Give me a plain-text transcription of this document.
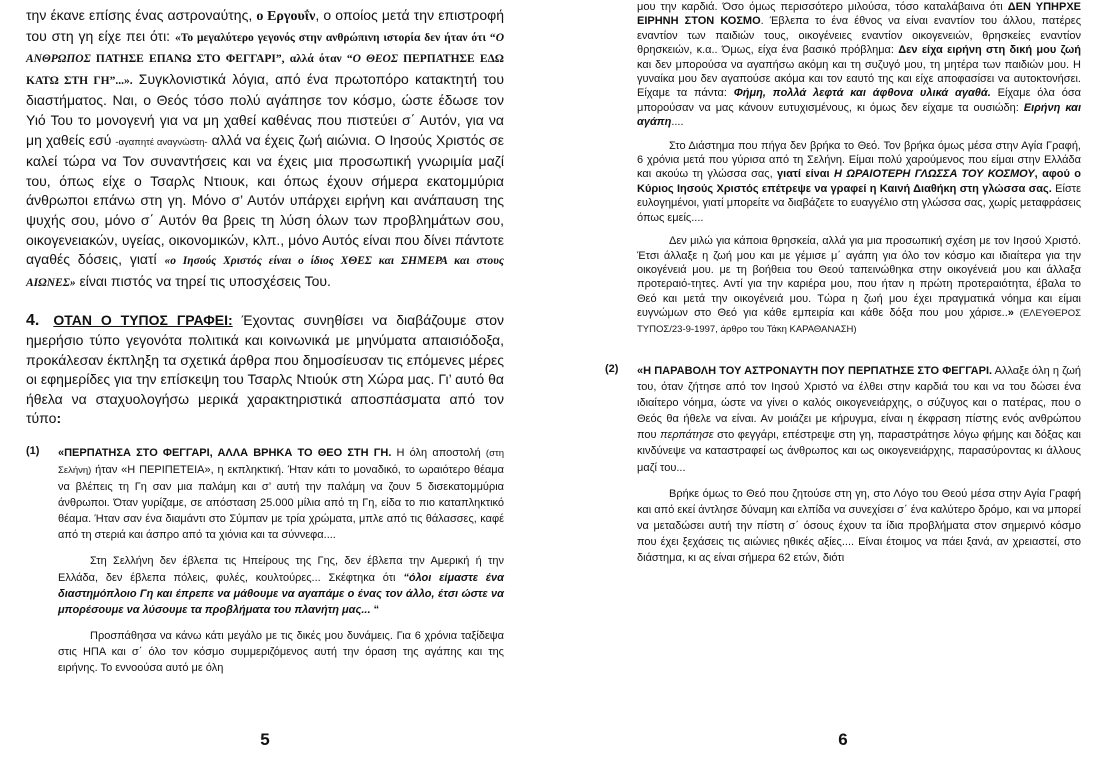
την έκανε επίσης ένας αστροναύτης, ο Εργουΐν, ο οποίος μετά την επιστροφή του στη γη είχε πει ότι: «Το μεγαλύτερο γεγονός στην ανθρώπινη ιστορία δεν ήταν ότι “Ο ΑΝΘΡΩΠΟΣ ΠΑΤΗΣΕ ΕΠΑΝΩ ΣΤΟ ΦΕΓΓΑΡΙ”, αλλά όταν “Ο ΘΕΟΣ ΠΕΡΠΑΤΗΣΕ ΕΔΩ ΚΑΤΩ ΣΤΗ ΓΗ”...». Συγκλονιστικά λόγια, από ένα πρωτοπόρο κατακτητή του διαστήματος. Ναι, ο Θεός τόσο πολύ αγάπησε τον κόσμο, ώστε έδωσε τον Υιό Του το μονογενή για να μη χαθεί καθένας που πιστεύει σ΄ Αυτόν, για να μη χαθείς εσύ -αγαπητέ αναγνώστη- αλλά να έχεις ζωή αιώνια. Ο Ιησούς Χριστός σε καλεί τώρα να Τον συναντήσεις και να έχεις μια προσωπική γνωριμία μαζί του, όπως είχε ο Τσαρλς Ντιουκ, και όπως έχουν σήμερα εκατομμύρια άνθρωποι επάνω στη γη. Μόνο σ’ Αυτόν υπάρχει ειρήνη και ανάπαυση της ψυχής σου, μόνο σ΄ Αυτόν θα βρεις τη λύση όλων των προβλημάτων σου, οικογενειακών, υγείας, οικονομικών, κλπ., μόνο Αυτός είναι που δίνει πάντοτε αγαθές δόσεις, γιατί «ο Ιησούς Χριστός είναι ο ίδιος ΧΘΕΣ και ΣΗΜΕΡΑ και στους ΑΙΩΝΕΣ» είναι πιστός να τηρεί τις υποσχέσεις Του.

4. ΟΤΑΝ Ο ΤΥΠΟΣ ΓΡΑΦΕΙ: Έχοντας συνηθίσει να διαβάζουμε στον ημερήσιο τύπο γεγονότα πολιτικά και κοινωνικά με μηνύματα απαισιόδοξα, προκάλεσαν έκπληξη τα σχετικά άρθρα που δημοσίευσαν τις επόμενες μέρες οι εφημερίδες για την επίσκεψη του Τσαρλς Ντιούκ στη Χώρα μας. Γι’ αυτό θα ήθελα να σταχυολογήσω μερικά χαρακτηριστικά αποσπάσματα από τον τύπο:

(1) «ΠΕΡΠΑΤΗΣΑ ΣΤΟ ΦΕΓΓΑΡΙ, ΑΛΛΑ ΒΡΗΚΑ ΤΟ ΘΕΟ ΣΤΗ ΓΗ. Η όλη αποστολή (στη Σελήνη) ήταν «Η ΠΕΡΙΠΕΤΕΙΑ», η εκπληκτική. Ήταν κάτι το μοναδικό, το ωραιότερο θέαμα να βλέπεις τη Γη σαν μια παλάμη και σ’ αυτή την παλάμη να ζουν 5 δισεκατομμύρια άνθρωποι. Όταν γυρίζαμε, σε απόσταση 25.000 μίλια από τη Γη, είδα το πιο καταπληκτικό θέαμα. Ήταν σαν ένα διαμάντι στο Σύμπαν με τρία χρώματα, μπλε από τις θάλασσες, καφέ από τη στεριά και άσπρο από τα χιόνια και τα σύννεφα....

Στη Σελλήνη δεν έβλεπα τις Ηπείρους της Γης, δεν έβλεπα την Αμερική ή την Ελλάδα, δεν έβλεπα πόλεις, φυλές, κουλτούρες... Σκέφτηκα ότι “όλοι είμαστε ένα διαστημόπλοιο Γη και έπρεπε να μάθουμε να αγαπάμε ο ένας τον άλλο, έτσι ώστε να μπορέσουμε να λύσουμε τα προβλήματα του πλανήτη μας... “

Προσπάθησα να κάνω κάτι μεγάλο με τις δικές μου δυνάμεις. Για 6 χρόνια ταξίδεψα στις ΗΠΑ και σ΄ όλο τον κόσμο συμμεριζόμενος αυτή την όραση της αγάπης και της ειρήνης. Το εννοούσα αυτό με όλη

5

μου την καρδιά. Όσο όμως περισσότερο μιλούσα, τόσο καταλάβαινα ότι ΔΕΝ ΥΠΗΡΧΕ ΕΙΡΗΝΗ ΣΤΟΝ ΚΟΣΜΟ. Έβλεπα το ένα έθνος να είναι εναντίον του άλλου, πατέρες εναντίον των παιδιών τους, οικογένειες εναντίον οικογενειών, θρησκείες εναντίον θρησκειών, κ.α.. Όμως, είχα ένα βασικό πρόβλημα: Δεν είχα ειρήνη στη δική μου ζωή και δεν μπορούσα να αγαπήσω ακόμη και τη συζυγό μου, τη μητέρα των παιδιών μου. Η γυναίκα μου δεν αγαπούσε ακόμα και τον εαυτό της και είχε αποφασίσει να αυτοκτονήσει. Είχαμε τα πάντα: Φήμη, πολλά λεφτά και άφθονα υλικά αγαθά. Είχαμε όλα όσα μπορούσαν να μας κάνουν ευτυχισμένους, κι όμως δεν είχαμε τα ουσιώδη: Ειρήνη και αγάπη....

Στο Διάστημα που πήγα δεν βρήκα το Θεό. Τον βρήκα όμως μέσα στην Αγία Γραφή, 6 χρόνια μετά που γύρισα από τη Σελήνη. Είμαι πολύ χαρούμενος που είμαι στην Ελλάδα και ακούω τη γλώσσα σας, γιατί είναι Η ΩΡΑΙΟΤΕΡΗ ΓΛΩΣΣΑ ΤΟΥ ΚΟΣΜΟΥ, αφού ο Κύριος Ιησούς Χριστός επέτρεψε να γραφεί η Καινή Διαθήκη στη γλώσσα σας. Είστε ευλογημένοι, γιατί μπορείτε να διαβάζετε το ευαγγέλιο στη γλώσσα σας, χωρίς μεταφράσεις όπως εμείς....

Δεν μιλώ για κάποια θρησκεία, αλλά για μια προσωπική σχέση με τον Ιησού Χριστό. Έτσι άλλαξε η ζωή μου και με γέμισε μ΄ αγάπη για όλο τον κόσμο και ιδιαίτερα για την οικογένειά μου. με τη βοήθεια του Θεού ταπεινώθηκα στην οικογένειά μου και άλλαξα προτεραιό-τητες. Αντί για την καριέρα μου, που ήταν η πρώτη προτεραιότητα, έβαλα το Θεό και μετά την οικογένειά μου. Τώρα η ζωή μου έχει πραγματικά νόημα και είμαι ευγνώμων στο Θεό για κάθε εμπειρία και κάθε δόξα που μου χάρισε..» (ΕΛΕΥΘΕΡΟΣ ΤΥΠΟΣ/23-9-1997, άρθρο του Τάκη ΚΑΡΑΘΑΝΑΣΗ)

(2) «Η ΠΑΡΑΒΟΛΗ ΤΟΥ ΑΣΤΡΟΝΑΥΤΗ ΠΟΥ ΠΕΡΠΑΤΗΣΕ ΣΤΟ ΦΕΓΓΑΡΙ. Αλλαξε όλη η ζωή του, όταν ζήτησε από τον Ιησού Χριστό να έλθει στην καρδιά του και να του δώσει ένα ιδιαίτερο νόημα, ώστε να γίνει ο καλός οικογενειάρχης, ο σύζυγος και ο πατέρας, που ο Θεός θα ήθελε να είναι. Αν μοιάζει με κήρυγμα, είναι η έκφραση πίστης ενός ανθρώπου που περπάτησε στο φεγγάρι, επέστρεψε στη γη, παραστράτησε λόγω φήμης και δόξας και κινδύνεψε να καταστραφεί ως άνθρωπος και ως οικογενειάρχης, παρασύροντας κι άλλους μαζί του...

Βρήκε όμως το Θεό που ζητούσε στη γη, στο Λόγο του Θεού μέσα στην Αγία Γραφή και από εκεί άντλησε δύναμη και ελπίδα να συνεχίσει σ΄ ένα καλύτερο δρόμο, και να μπορεί να μεταδώσει αυτή την πίστη σ΄ όσους έχουν τα ίδια προβλήματα στον σημερινό κόσμο που έχει ξεχάσεις τις αιώνιες ηθικές αξίες.... Είναι έτοιμος να πάει ξανά, αν χρειαστεί, στο διάστημα, κι ας είναι σήμερα 62 ετών, διότι

6
